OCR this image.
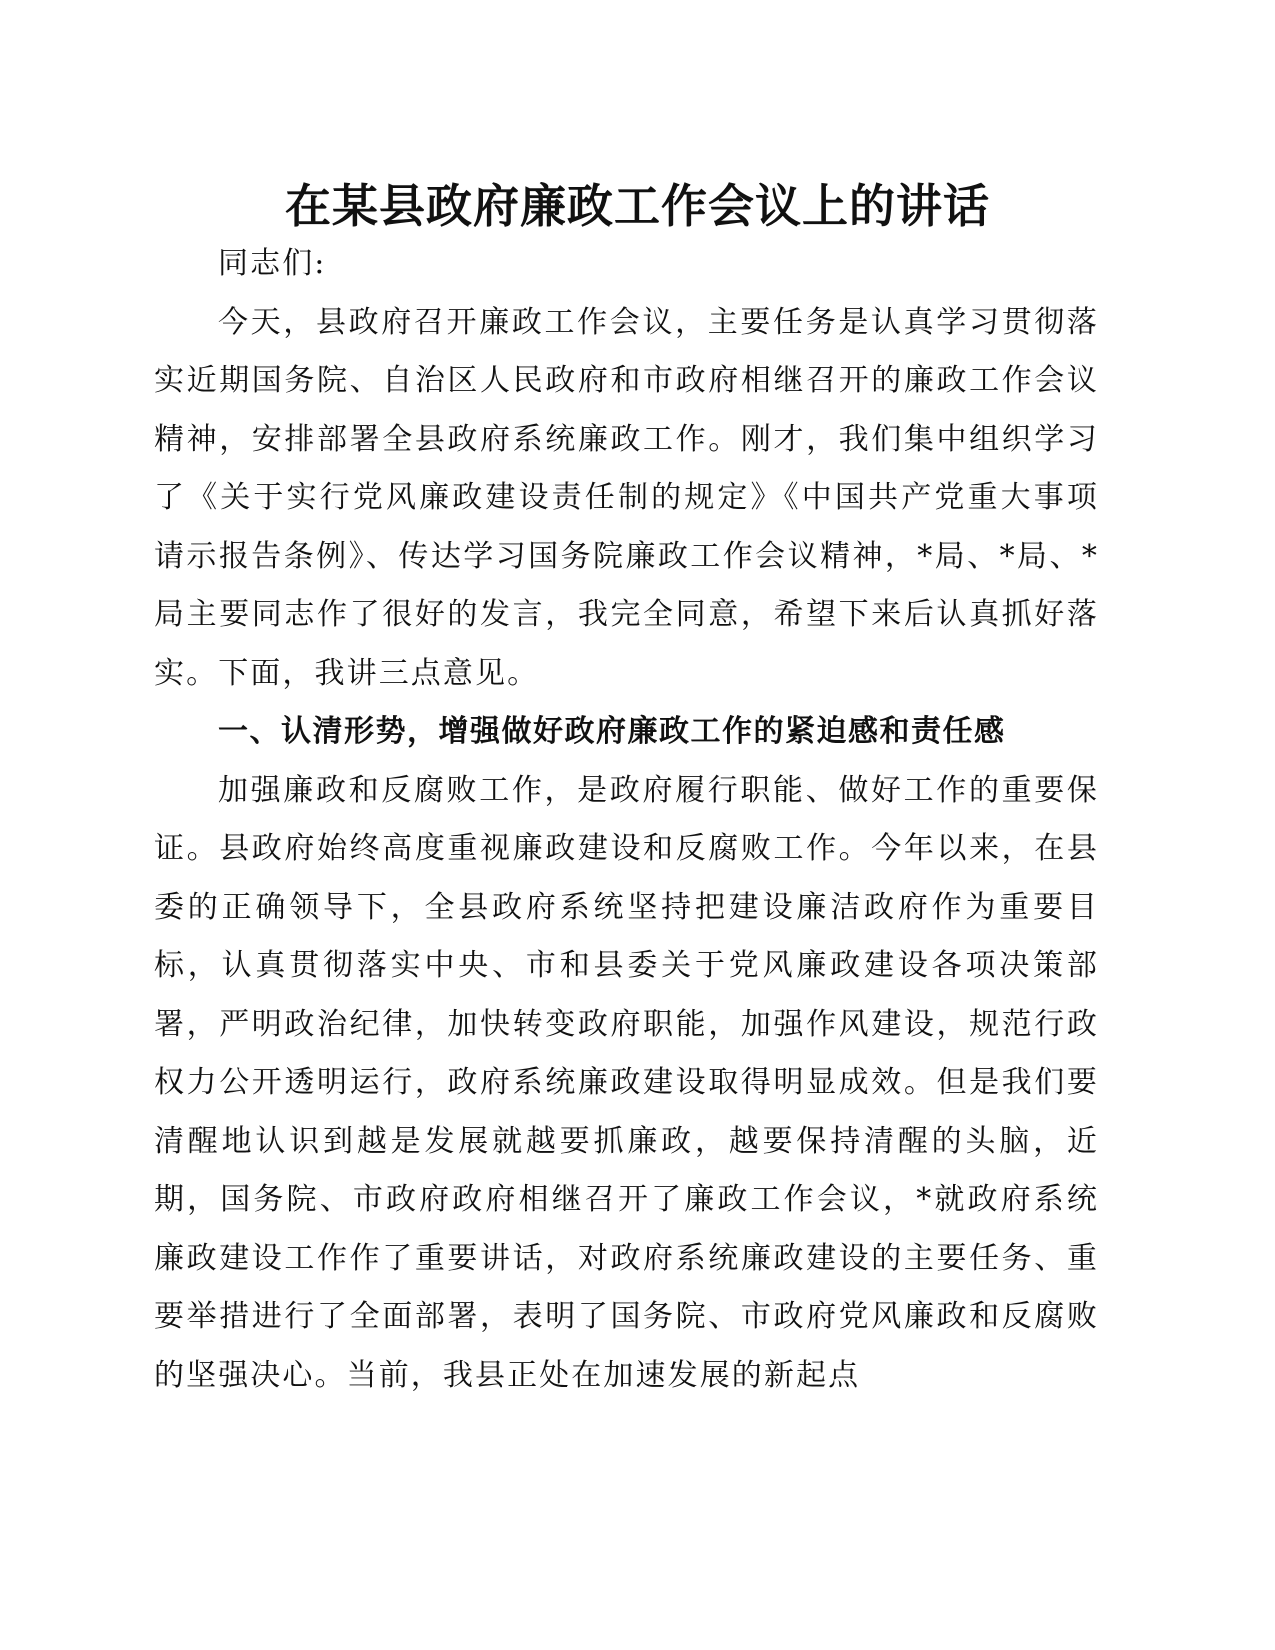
在某县政府廉政工作会议上的讲话

同志们:

今天，县政府召开廉政工作会议，主要任务是认真学习贯彻落实近期国务院、自治区人民政府和市政府相继召开的廉政工作会议精神，安排部署全县政府系统廉政工作。刚才，我们集中组织学习了《关于实行党风廉政建设责任制的规定》《中国共产党重大事项请示报告条例》、传达学习国务院廉政工作会议精神，*局、*局、*局主要同志作了很好的发言，我完全同意，希望下来后认真抓好落实。下面，我讲三点意见。

一、认清形势，增强做好政府廉政工作的紧迫感和责任感

加强廉政和反腐败工作，是政府履行职能、做好工作的重要保证。县政府始终高度重视廉政建设和反腐败工作。今年以来，在县委的正确领导下，全县政府系统坚持把建设廉洁政府作为重要目标，认真贯彻落实中央、市和县委关于党风廉政建设各项决策部署，严明政治纪律，加快转变政府职能，加强作风建设，规范行政权力公开透明运行，政府系统廉政建设取得明显成效。但是我们要清醒地认识到越是发展就越要抓廉政，越要保持清醒的头脑，近期，国务院、市政府政府相继召开了廉政工作会议，*就政府系统廉政建设工作作了重要讲话，对政府系统廉政建设的主要任务、重要举措进行了全面部署，表明了国务院、市政府党风廉政和反腐败的坚强决心。当前，我县正处在加速发展的新起点
